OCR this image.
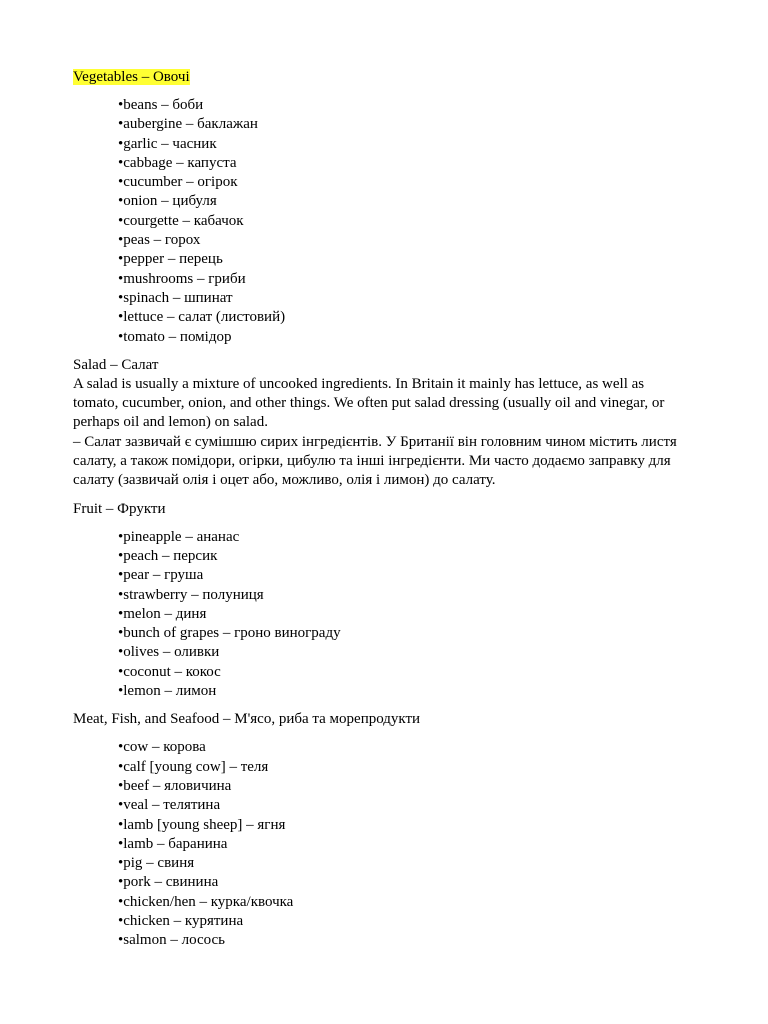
Vegetables – Овочі

• beans – боби
• aubergine – баклажан
• garlic – часник
• cabbage – капуста
• cucumber – огірок
• onion – цибуля
• courgette – кабачок
• peas – горох
• pepper – перець
• mushrooms – гриби
• spinach – шпинат
• lettuce – салат (листовий)
• tomato – помідор

Salad – Салат

A salad is usually a mixture of uncooked ingredients. In Britain it mainly has lettuce, as well as tomato, cucumber, onion, and other things. We often put salad dressing (usually oil and vinegar, or perhaps oil and lemon) on salad.

– Салат зазвичай є сумішшю сирих інгредієнтів. У Британії він головним чином містить листя салату, а також помідори, огірки, цибулю та інші інгредієнти. Ми часто додаємо заправку для салату (зазвичай олія і оцет або, можливо, олія і лимон) до салату.

Fruit – Фрукти

• pineapple – ананас
• peach – персик
• pear – груша
• strawberry – полуниця
• melon – диня
• bunch of grapes – гроно винограду
• olives – оливки
• coconut – кокос
• lemon – лимон

Meat, Fish, and Seafood – М'ясо, риба та морепродукти

• cow – корова
• calf [young cow] – теля
• beef – яловичина
• veal – телятина
• lamb [young sheep] – ягня
• lamb – баранина
• pig – свиня
• pork – свинина
• chicken/hen – курка/квочка
• chicken – курятина
• salmon – лосось
